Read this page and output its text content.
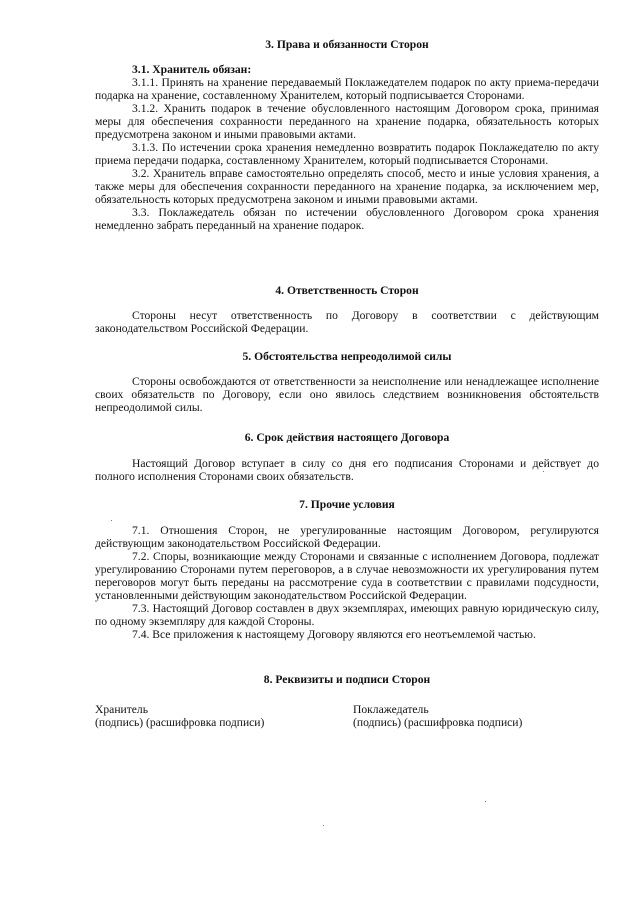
3. Права и обязанности Сторон

3.1. Хранитель обязан:

3.1.1. Принять на хранение передаваемый Поклажедателем подарок по акту приема-передачи подарка на хранение, составленному Хранителем, который подписывается Сторонами.

3.1.2. Хранить подарок в течение обусловленного настоящим Договором срока, принимая меры для обеспечения сохранности переданного на хранение подарка, обязательность которых предусмотрена законом и иными правовыми актами.

3.1.3. По истечении срока хранения немедленно возвратить подарок Поклажедателю по акту приема передачи подарка, составленному Хранителем, который подписывается Сторонами.

3.2. Хранитель вправе самостоятельно определять способ, место и иные условия хранения, а также меры для обеспечения сохранности переданного на хранение подарка, за исключением мер, обязательность которых предусмотрена законом и иными правовыми актами.

3.3. Поклажедатель обязан по истечении обусловленного Договором срока хранения немедленно забрать переданный на хранение подарок.

4. Ответственность Сторон

Стороны несут ответственность по Договору в соответствии с действующим законодательством Российской Федерации.

5. Обстоятельства непреодолимой силы

Стороны освобождаются от ответственности за неисполнение или ненадлежащее исполнение своих обязательств по Договору, если оно явилось следствием возникновения обстоятельств непреодолимой силы.

6. Срок действия настоящего Договора

Настоящий Договор вступает в силу со дня его подписания Сторонами и действует до полного исполнения Сторонами своих обязательств.

7. Прочие условия

7.1. Отношения Сторон, не урегулированные настоящим Договором, регулируются действующим законодательством Российской Федерации.

7.2. Споры, возникающие между Сторонами и связанные с исполнением Договора, подлежат урегулированию Сторонами путем переговоров, а в случае невозможности их урегулирования путем переговоров могут быть переданы на рассмотрение суда в соответствии с правилами подсудности, установленными действующим законодательством Российской Федерации.

7.3. Настоящий Договор составлен в двух экземплярах, имеющих равную юридическую силу, по одному экземпляру для каждой Стороны.

7.4. Все приложения к настоящему Договору являются его неотъемлемой частью.

8. Реквизиты и подписи Сторон

Хранитель
(подпись) (расшифровка подписи)
Поклажедатель
(подпись) (расшифровка подписи)
